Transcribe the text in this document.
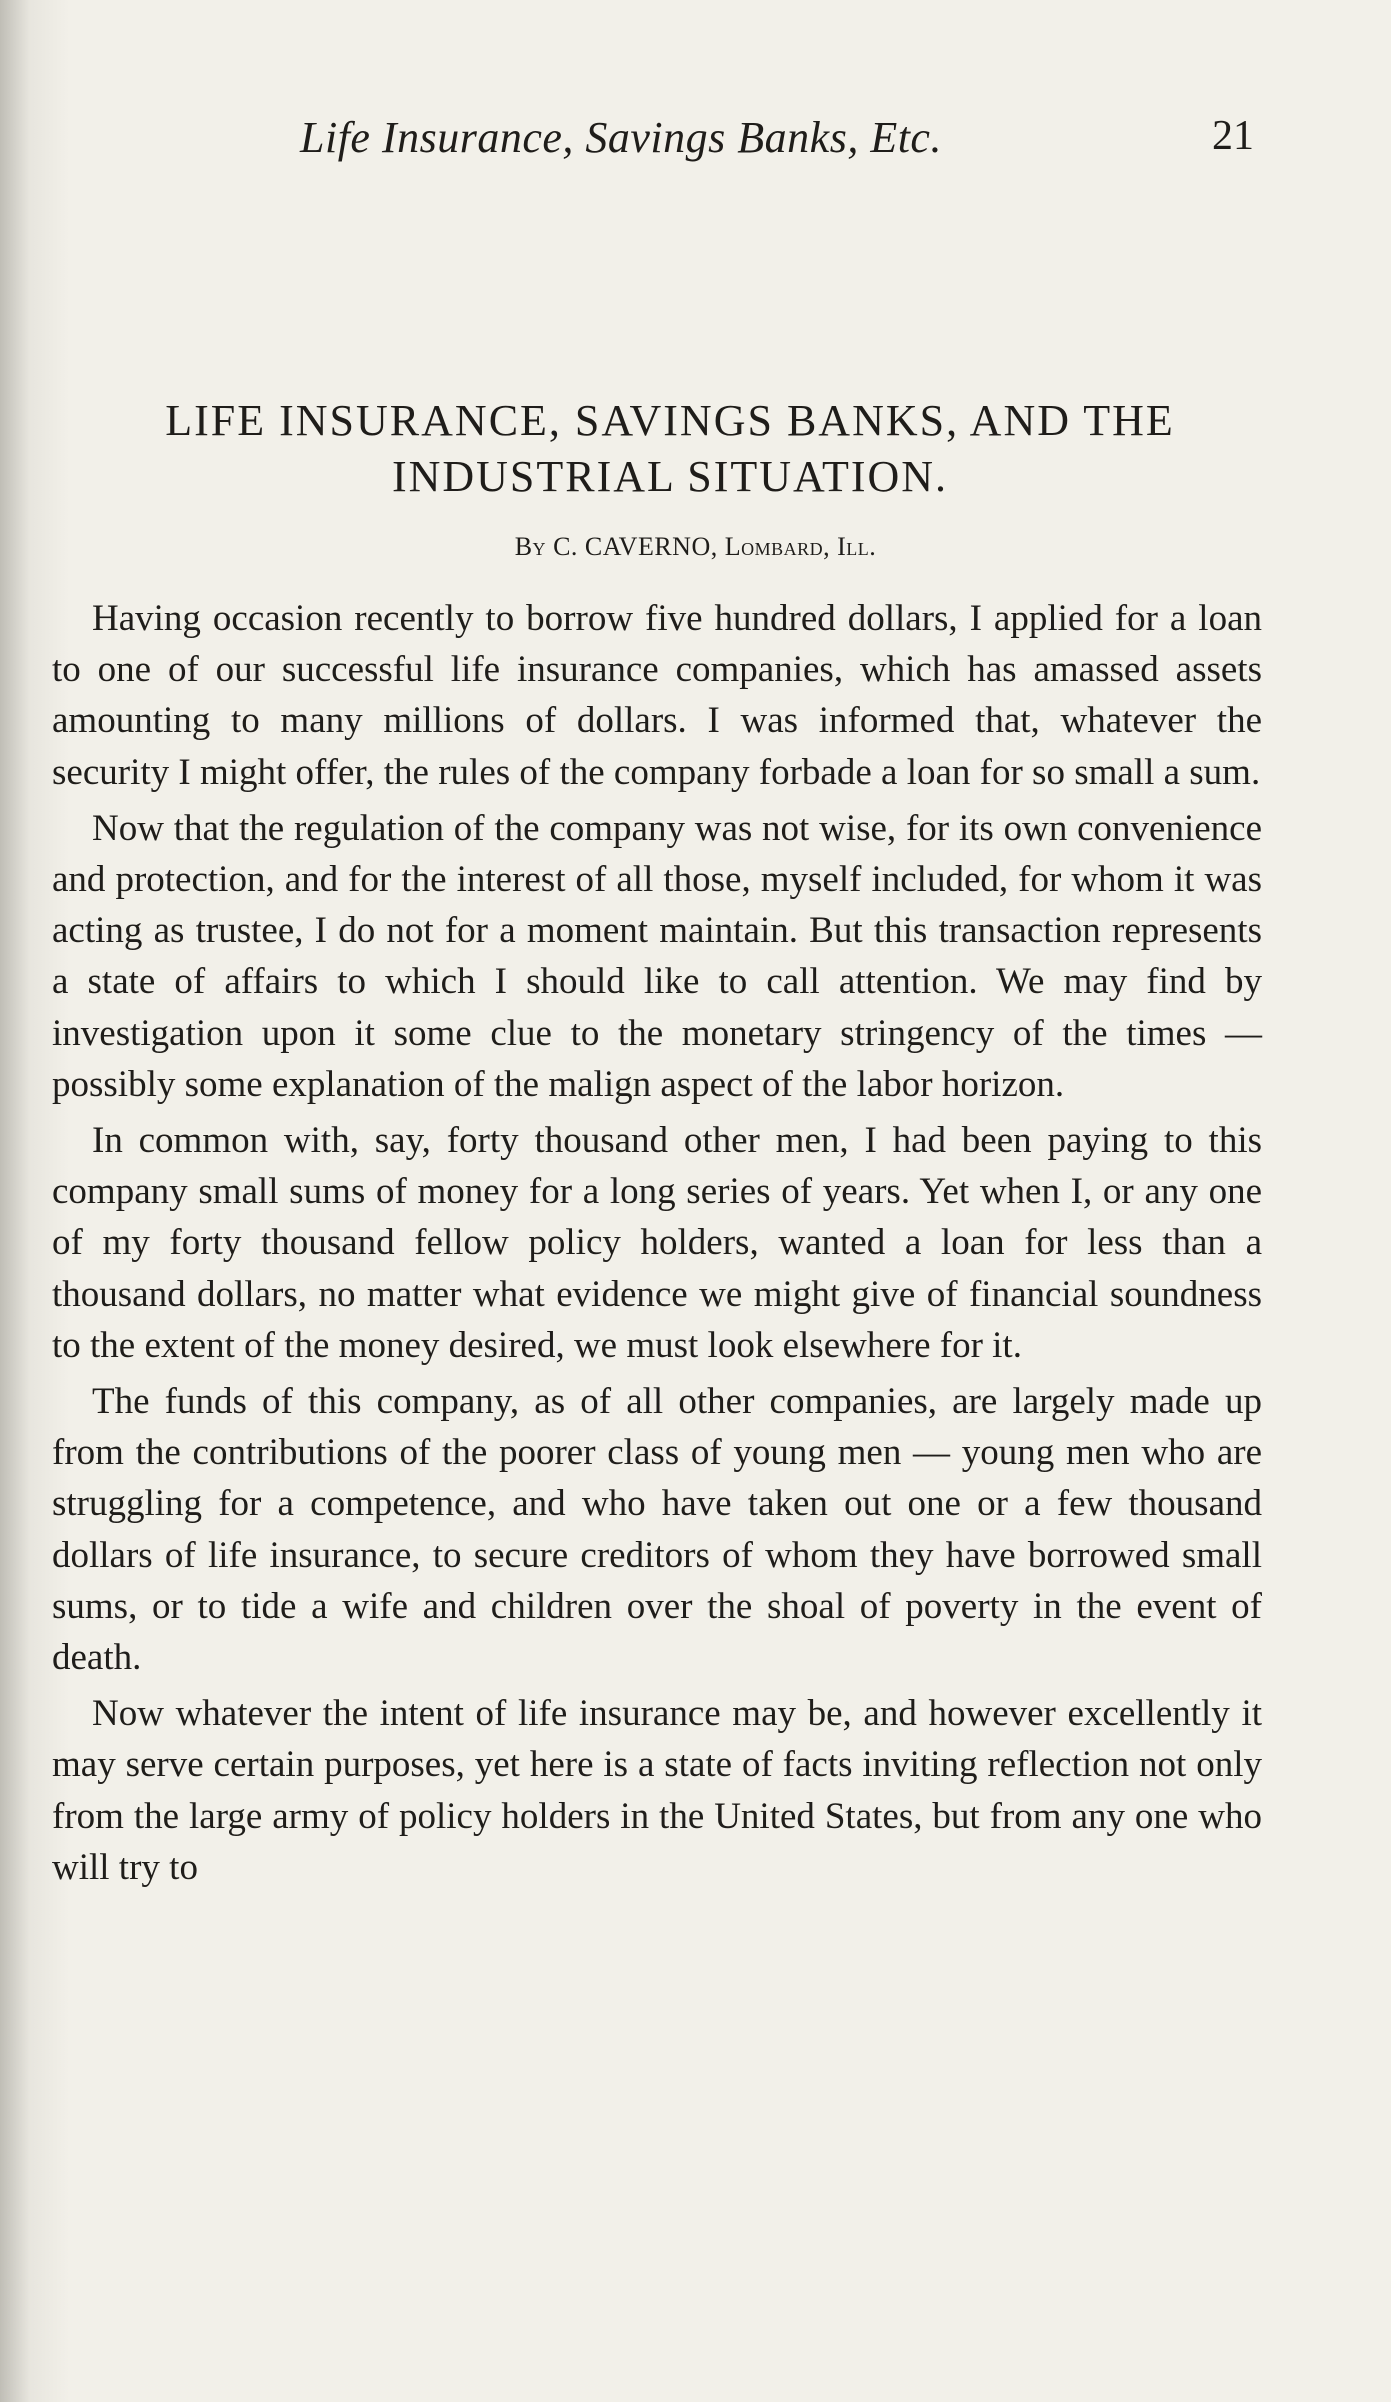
Life Insurance, Savings Banks, Etc.	21
LIFE INSURANCE, SAVINGS BANKS, AND THE
INDUSTRIAL SITUATION.
By C. CAVERNO, Lombard, Ill.

Having occasion recently to borrow five hundred dollars, I applied for a loan to one of our successful life insurance companies, which has amassed assets amounting to many millions of dollars. I was informed that, whatever the security I might offer, the rules of the company forbade a loan for so small a sum.

Now that the regulation of the company was not wise, for its own convenience and protection, and for the interest of all those, myself included, for whom it was acting as trustee, I do not for a moment maintain. But this transaction represents a state of affairs to which I should like to call attention. We may find by investigation upon it some clue to the monetary stringency of the times — possibly some explanation of the malign aspect of the labor horizon.

In common with, say, forty thousand other men, I had been paying to this company small sums of money for a long series of years. Yet when I, or any one of my forty thousand fellow policy holders, wanted a loan for less than a thousand dollars, no matter what evidence we might give of financial soundness to the extent of the money desired, we must look elsewhere for it.

The funds of this company, as of all other companies, are largely made up from the contributions of the poorer class of young men — young men who are struggling for a competence, and who have taken out one or a few thousand dollars of life insurance, to secure creditors of whom they have borrowed small sums, or to tide a wife and children over the shoal of poverty in the event of death.

Now whatever the intent of life insurance may be, and however excellently it may serve certain purposes, yet here is a state of facts inviting reflection not only from the large army of policy holders in the United States, but from any one who will try to
